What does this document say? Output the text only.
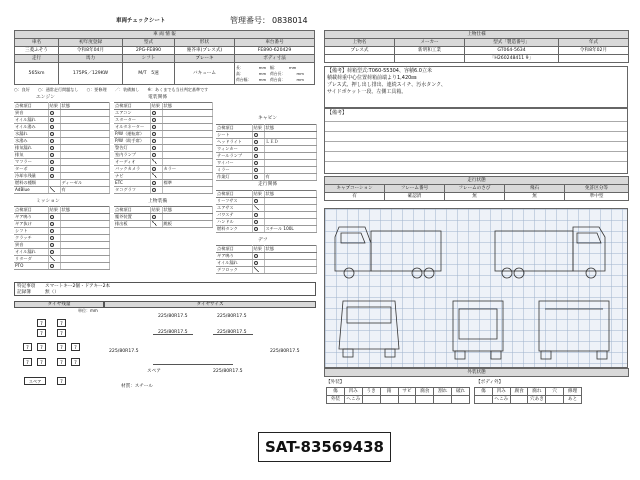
車両チェックシート	管理番号： 0838014
車 両 情 報				
車名	初年度登録	型式	形状	車台番号
三菱ふそう	令和8年04月	2PG-FE890	塵芥車(プレス式)	FE890-620429
走行	馬力	シフト	ブレーキ	ボディ寸法
565km	175PS／129KW	M/T　5速	バキューム	長：　　　　mm　幅：　　　mm
高：　　　　mm　荷台長：　　　mm
荷台幅：　　mm　荷台高：　　　mm
○：良好　　○：通常走行問題なし　　○：要修理　　／：装備無し　　※：あくまでも当社判定基準です
エンジン
点検項目	結果	状態
異音		
オイル漏れ		
オイル滲み		
水漏れ		
水滲み		
排気漏れ		
排気		
マフラー		
ターボ		
冷却水残量		
燃料の種類		ディーゼル
AdBlue		有
ミッション
点検項目	結果	状態
ギア鳴り		
ギア抜け		
シフト		
クラッチ		
異音		
オイル漏れ		
リターダ		
PTO		
電装関係
点検項目	結果	状態
エアコン		
スターター		
オルタネーター		
P/W（運転席）		
P/W（助手席）		
警告灯		
室内ランプ		
オーディオ		
バックカメラ		カラー
ナビ		
ETC		標準
タコグラフ		
上物装備
点検項目	結果	状態
塵芥装置		
排出板		跳板
キャビン
点検項目	結果	状態
シート		
ヘッドライト		ＬＥＤ
ウィンカー		
テールランプ		
ワイパー		
ミラー		
作業灯		有
走行関係
点検項目	結果	状態
リーフサス		
エアサス		
パワステ		
ハンドル		
燃料タンク		スチール 100L
デフ
点検項目	結果	状態
ギア鳴り		
オイル漏れ		
デフロック		
特記事項 スマートキー2個・ドアキー2本
記録簿	無（）
タイヤ残量	タイヤサイズ
単位：mm
7	7
7	7
7	7	7	7
7	7	7	7
スペア	7
225/80R17.5	225/80R17.5
225/80R17.5	225/80R17.5
225/80R17.5	225/80R17.5
スペア	225/80R17.5
材質：スチール
上物仕様			
上物名	メーカー	型式「製造番号」	年式
プレス式	新明和工業	GT064-5634	令和8年02月
		「H260248411 9」	
【備考】荷箱型式:T060-55304、容積6.0立米
積載荷重中心位置荷箱前端より1,420㎜
プレス式、押し出し排出、連続スイチ、汚水タンク、
サイドポケット一段、左側工具箱。
【備考】
走行状態				
キャブコーション	フレーム番号	フレームのさび	飛石	免許区分等
有	確認済	無	無	準中型
外装状態
【外装】	【ボディ外】
傷	凹み	うき	錆	サビ	腐食	割れ	破れ
外装	へこみ						
傷	凹み	腐食	腐れ	穴	修理
	へこみ		穴あき		あと
SAT-83569438
